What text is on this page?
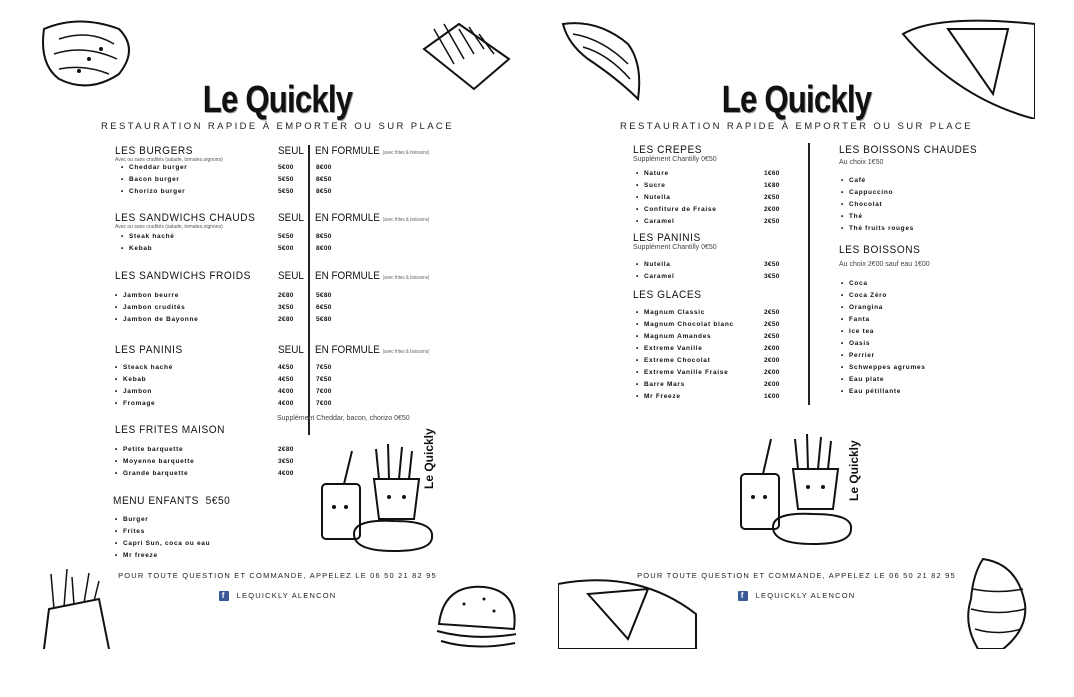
Le Quickly
RESTAURATION RAPIDE À EMPORTER OU SUR PLACE
LES BURGERS
Avec ou sans crudités (salade, tomates,oignons)
SEUL EN FORMULE (avec frites & boissons)
• Cheddar burger	5€00	8€00
• Bacon burger	5€50	8€50
• Chorizo burger	5€50	8€50
LES SANDWICHS CHAUDS
Avec ou sans crudités (salade, tomates,oignons)
SEUL EN FORMULE (avec frites & boissons)
• Steak haché	5€50	8€50
• Kebab	5€00	8€00
LES SANDWICHS FROIDS SEUL EN FORMULE (avec frites & boissons)
• Jambon beurre	2€80	5€80
• Jambon crudités	3€50	6€50
• Jambon de Bayonne	2€80	5€80
LES PANINIS	SEUL EN FORMULE (avec frites & boissons)
• Steack haché	4€50	7€50
• Kebab	4€50	7€50
• Jambon	4€00	7€00
• Fromage	4€00	7€00
Supplément Cheddar, bacon, chorizo 0€50
LES FRITES MAISON
• Petite barquette	2€80
• Moyenne barquette	3€50
• Grande barquette	4€00
MENU ENFANTS  5€50
• Burger
• Frites
• Capri Sun, coca ou eau
• Mr freeze
Le Quickly
POUR TOUTE QUESTION ET COMMANDE, APPELEZ LE 06 50 21 82 95
f LEQUICKLY ALENCON
Le Quickly
RESTAURATION RAPIDE À EMPORTER OU SUR PLACE
LES CREPES
Supplément Chantilly 0€50
• Nature	1€60
• Sucre	1€80
• Nutella	2€50
• Confiture de Fraise	2€00
• Caramel	2€50
LES PANINIS
Supplément Chantilly 0€50
• Nutella	3€50
• Caramel	3€50
LES GLACES
• Magnum Classic	2€50
• Magnum Chocolat blanc	2€50
• Magnum Amandes	2€50
• Extreme Vanille	2€00
• Extreme Chocolat	2€00
• Extreme Vanille Fraise	2€00
• Barre Mars	2€00
• Mr Freeze	1€00
LES BOISSONS CHAUDES
Au choix 1€50
• Café
• Cappuccino
• Chocolat
• Thé
• Thé fruits rouges
LES BOISSONS
Au choix 2€00 sauf eau 1€00
• Coca
• Coca Zéro
• Orangina
• Fanta
• Ice tea
• Oasis
• Perrier
• Schweppes agrumes
• Eau plate
• Eau pétillante
Le Quickly
POUR TOUTE QUESTION ET COMMANDE, APPELEZ LE 06 50 21 82 95
f LEQUICKLY ALENCON
